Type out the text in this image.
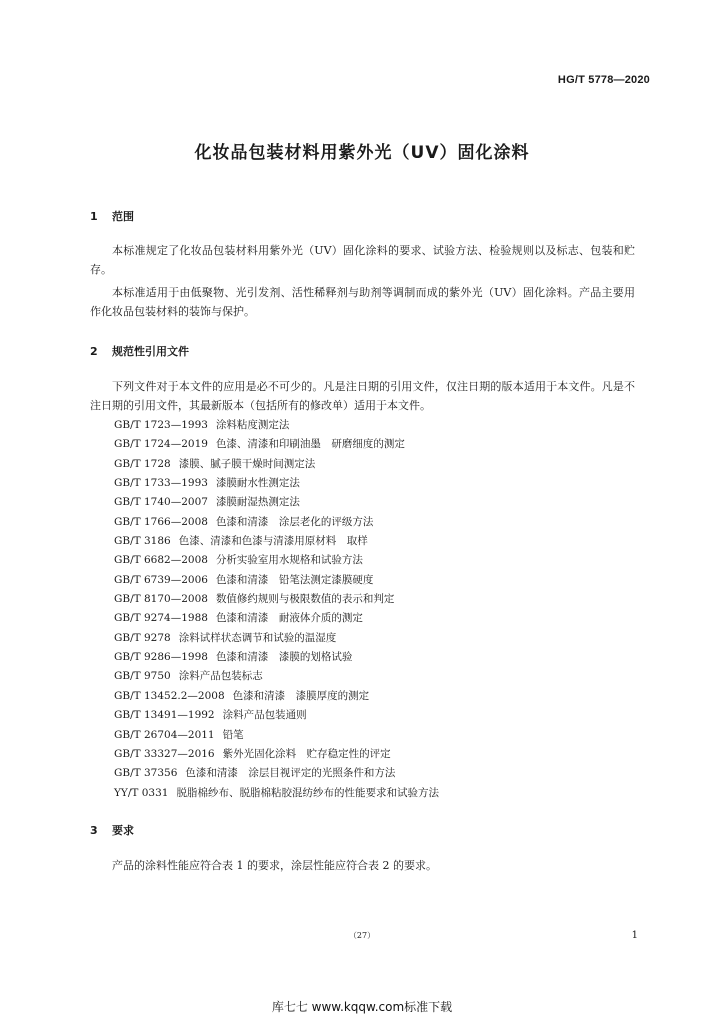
HG/T 5778—2020
化妆品包装材料用紫外光（UV）固化涂料
1 范围
本标准规定了化妆品包装材料用紫外光（UV）固化涂料的要求、试验方法、检验规则以及标志、包装和贮存。
本标准适用于由低聚物、光引发剂、活性稀释剂与助剂等调制而成的紫外光（UV）固化涂料。产品主要用作化妆品包装材料的装饰与保护。
2 规范性引用文件
下列文件对于本文件的应用是必不可少的。凡是注日期的引用文件，仅注日期的版本适用于本文件。凡是不注日期的引用文件，其最新版本（包括所有的修改单）适用于本文件。
GB/T 1723—1993 涂料粘度测定法
GB/T 1724—2019 色漆、清漆和印刷油墨　研磨细度的测定
GB/T 1728 漆膜、腻子膜干燥时间测定法
GB/T 1733—1993 漆膜耐水性测定法
GB/T 1740—2007 漆膜耐湿热测定法
GB/T 1766—2008 色漆和清漆　涂层老化的评级方法
GB/T 3186 色漆、清漆和色漆与清漆用原材料　取样
GB/T 6682—2008 分析实验室用水规格和试验方法
GB/T 6739—2006 色漆和清漆　铅笔法测定漆膜硬度
GB/T 8170—2008 数值修约规则与极限数值的表示和判定
GB/T 9274—1988 色漆和清漆　耐液体介质的测定
GB/T 9278 涂料试样状态调节和试验的温湿度
GB/T 9286—1998 色漆和清漆　漆膜的划格试验
GB/T 9750 涂料产品包装标志
GB/T 13452.2—2008 色漆和清漆　漆膜厚度的测定
GB/T 13491—1992 涂料产品包装通则
GB/T 26704—2011 铅笔
GB/T 33327—2016 紫外光固化涂料　贮存稳定性的评定
GB/T 37356 色漆和清漆　涂层目视评定的光照条件和方法
YY/T 0331 脱脂棉纱布、脱脂棉粘胶混纺纱布的性能要求和试验方法
3 要求
产品的涂料性能应符合表 1 的要求，涂层性能应符合表 2 的要求。
（27）	1
库七七 www.kqqw.com标准下载
